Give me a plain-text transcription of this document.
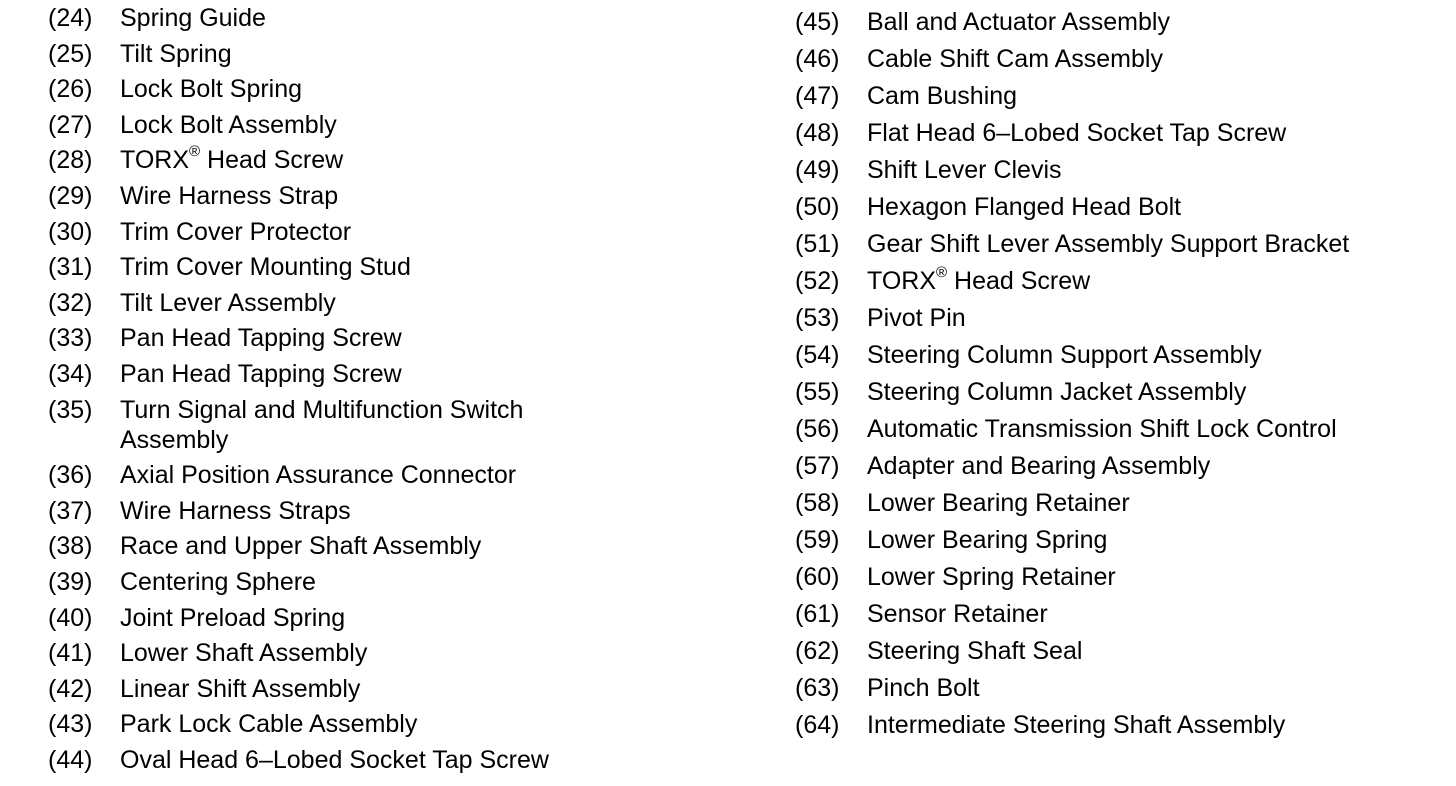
(24)	Spring Guide
(25)	Tilt Spring
(26)	Lock Bolt Spring
(27)	Lock Bolt Assembly
(28)	TORX® Head Screw
(29)	Wire Harness Strap
(30)	Trim Cover Protector
(31)	Trim Cover Mounting Stud
(32)	Tilt Lever Assembly
(33)	Pan Head Tapping Screw
(34)	Pan Head Tapping Screw
(35)	Turn Signal and Multifunction Switch Assembly
(36)	Axial Position Assurance Connector
(37)	Wire Harness Straps
(38)	Race and Upper Shaft Assembly
(39)	Centering Sphere
(40)	Joint Preload Spring
(41)	Lower Shaft Assembly
(42)	Linear Shift Assembly
(43)	Park Lock Cable Assembly
(44)	Oval Head 6–Lobed Socket Tap Screw
(45)	Ball and Actuator Assembly
(46)	Cable Shift Cam Assembly
(47)	Cam Bushing
(48)	Flat Head 6–Lobed Socket Tap Screw
(49)	Shift Lever Clevis
(50)	Hexagon Flanged Head Bolt
(51)	Gear Shift Lever Assembly Support Bracket
(52)	TORX® Head Screw
(53)	Pivot Pin
(54)	Steering Column Support Assembly
(55)	Steering Column Jacket Assembly
(56)	Automatic Transmission Shift Lock Control
(57)	Adapter and Bearing Assembly
(58)	Lower Bearing Retainer
(59)	Lower Bearing Spring
(60)	Lower Spring Retainer
(61)	Sensor Retainer
(62)	Steering Shaft Seal
(63)	Pinch Bolt
(64)	Intermediate Steering Shaft Assembly
